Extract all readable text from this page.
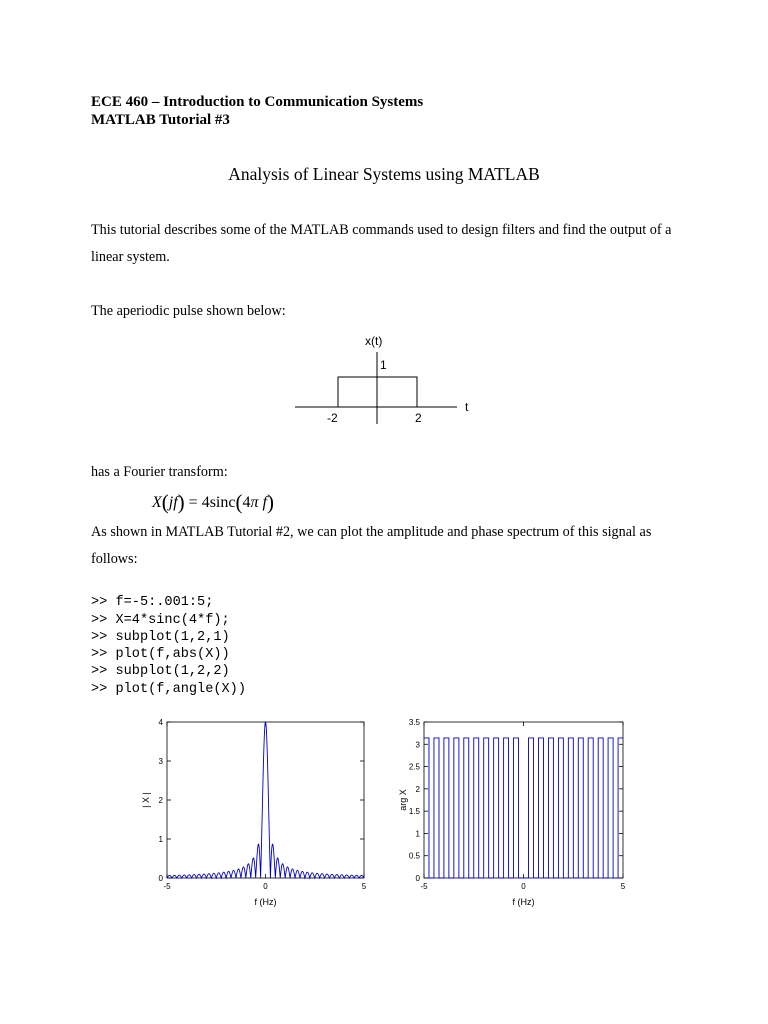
ECE 460 – Introduction to Communication Systems
MATLAB Tutorial #3
Analysis of Linear Systems using MATLAB
This tutorial describes some of the MATLAB commands used to design filters and find the output of a linear system.
The aperiodic pulse shown below:
x(t)
1
t
-2	2
has a Fourier transform:
X(jf) = 4sinc(4π f)
As shown in MATLAB Tutorial #2, we can plot the amplitude and phase spectrum of this signal as follows:

>> f=-5:.001:5;
>> X=4*sinc(4*f);
>> subplot(1,2,1)
>> plot(f,abs(X))
>> subplot(1,2,2)
>> plot(f,angle(X))

0
1
2
3
4
-5	0	5
f (Hz)
| X |
0
0.5
1
1.5
2
2.5
3
3.5
-5	0	5
f (Hz)
arg X
